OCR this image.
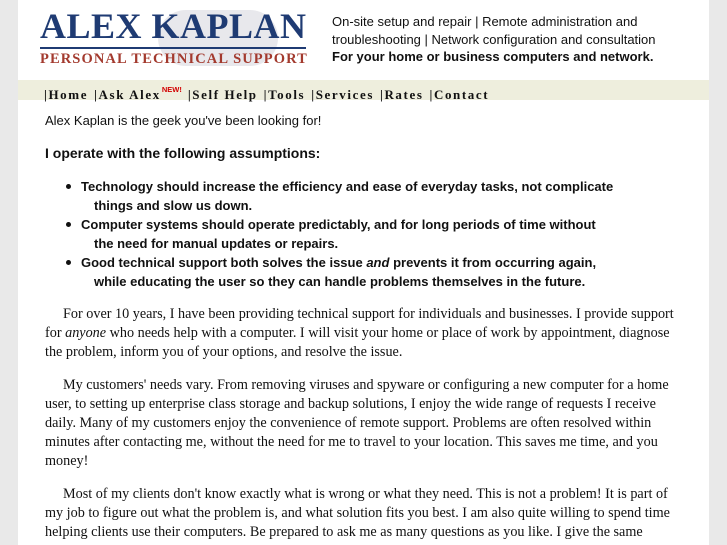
ALEX KAPLAN
PERSONAL TECHNICAL SUPPORT
On-site setup and repair | Remote administration and
troubleshooting | Network configuration and consultation
For your home or business computers and network.
|Home |Ask Alex$^{NEW!}$ |Self Help |Tools |Services |Rates |Contact

Alex Kaplan is the geek you've been looking for!

I operate with the following assumptions:

Technology should increase the efficiency and ease of everyday tasks, not complicate
things and slow us down.
Computer systems should operate predictably, and for long periods of time without
the need for manual updates or repairs.
Good technical support both solves the issue and prevents it from occurring again,
while educating the user so they can handle problems themselves in the future.

For over 10 years, I have been providing technical support for individuals and businesses. I provide support for anyone who needs help with a computer. I will visit your home or place of work by appointment, diagnose the problem, inform you of your options, and resolve the issue.

My customers' needs vary. From removing viruses and spyware or configuring a new computer for a home user, to setting up enterprise class storage and backup solutions, I enjoy the wide range of requests I receive daily. Many of my customers enjoy the convenience of remote support. Problems are often resolved within minutes after contacting me, without the need for me to travel to your location. This saves me time, and you money!

Most of my clients don't know exactly what is wrong or what they need. This is not a problem! It is part of my job to figure out what the problem is, and what solution fits you best. I am also quite willing to spend time helping clients use their computers. Be prepared to ask me as many questions as you like. I give the same
